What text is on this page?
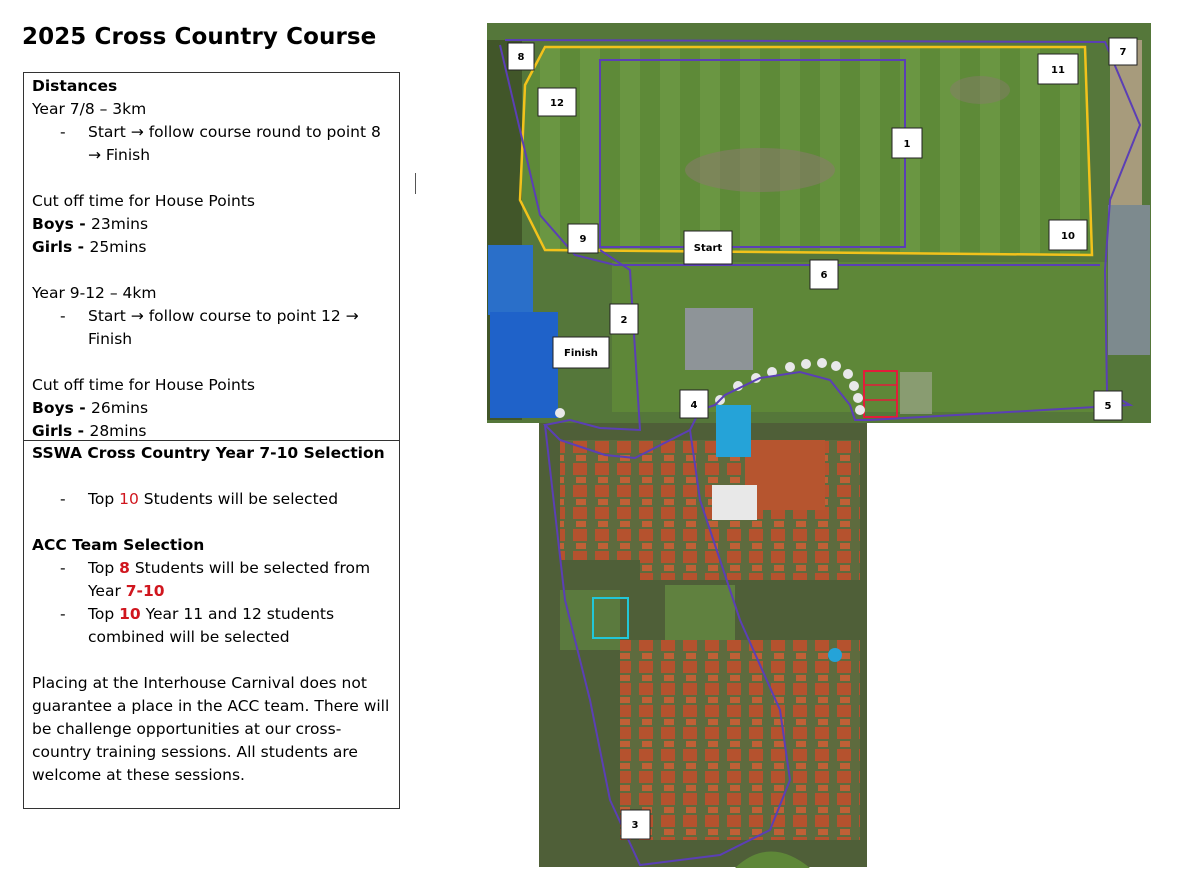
2025 Cross Country Course

Distances

Year 7/8 – 3km

- Start → follow course round to point 8
→ Finish

Cut off time for House Points

Boys - 23mins

Girls - 25mins

Year 9-12 – 4km

- Start → follow course to point 12 →
Finish

Cut off time for House Points

Boys - 26mins

Girls - 28mins

SSWA Cross Country Year 7-10 Selection

- Top 10 Students will be selected

ACC Team Selection

- Top 8 Students will be selected from
Year 7-10

- Top 10 Year 11 and 12 students
combined will be selected

Placing at the Interhouse Carnival does not

guarantee a place in the ACC team. There will

be challenge opportunities at our cross-

country training sessions. All students are

welcome at these sessions.

8	7
11
12
1
9	10
Start
6
2
Finish
4	5
3
